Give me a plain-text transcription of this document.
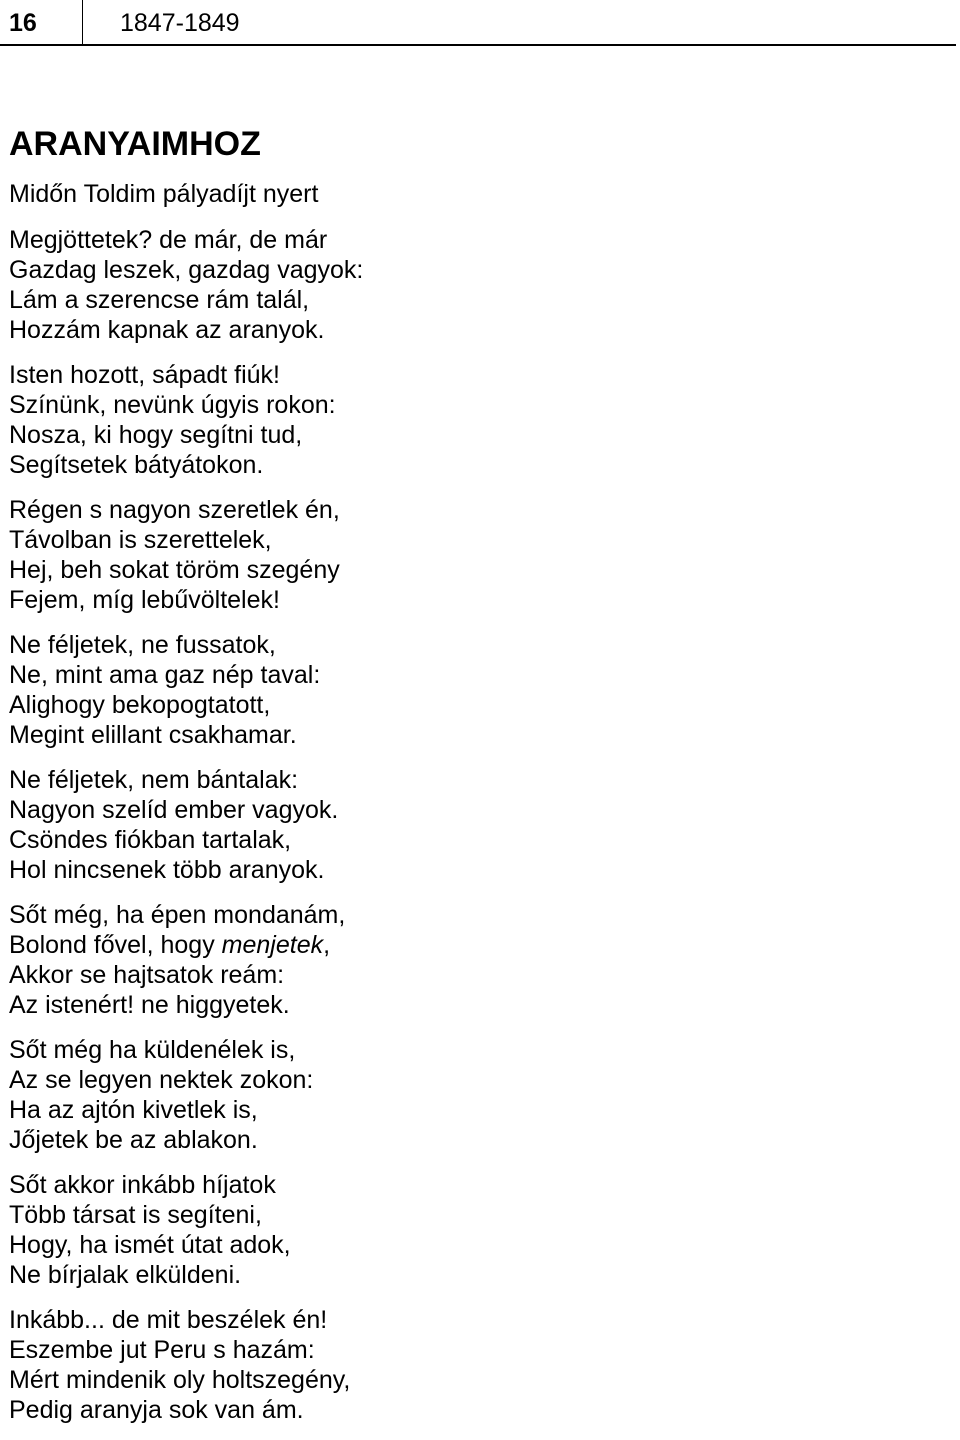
16	1847-1849
ARANYAIMHOZ

Midőn Toldim pályadíjt nyert

Megjöttetek? de már, de már
Gazdag leszek, gazdag vagyok:
Lám a szerencse rám talál,
Hozzám kapnak az aranyok.
Isten hozott, sápadt fiúk!
Színünk, nevünk úgyis rokon:
Nosza, ki hogy segítni tud,
Segítsetek bátyátokon.
Régen s nagyon szeretlek én,
Távolban is szerettelek,
Hej, beh sokat töröm szegény
Fejem, míg lebűvöltelek!
Ne féljetek, ne fussatok,
Ne, mint ama gaz nép taval:
Alighogy bekopogtatott,
Megint elillant csakhamar.
Ne féljetek, nem bántalak:
Nagyon szelíd ember vagyok.
Csöndes fiókban tartalak,
Hol nincsenek több aranyok.
Sőt még, ha épen mondanám,
Bolond fővel, hogy menjetek,
Akkor se hajtsatok reám:
Az istenért! ne higgyetek.
Sőt még ha küldenélek is,
Az se legyen nektek zokon:
Ha az ajtón kivetlek is,
Jőjetek be az ablakon.
Sőt akkor inkább híjatok
Több társat is segíteni,
Hogy, ha ismét útat adok,
Ne bírjalak elküldeni.
Inkább... de mit beszélek én!
Eszembe jut Peru s hazám:
Mért mindenik oly holtszegény,
Pedig aranyja sok van ám.
